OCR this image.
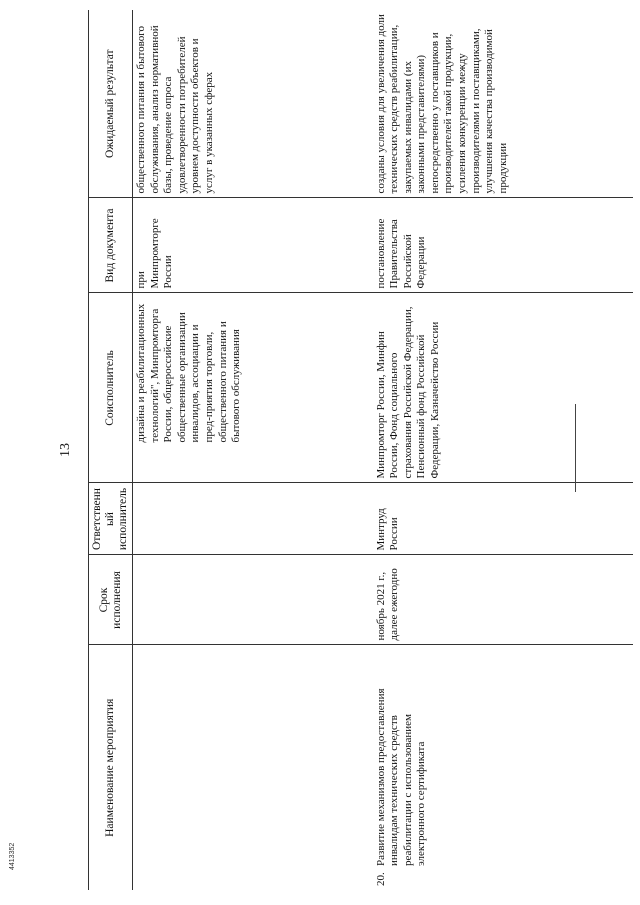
13
Наименование мероприятия	Срок исполнения	Ответственный исполнитель	Соисполнитель	Вид документа	Ожидаемый результат

			дизайна и реабилитационных технологий", Минпромторга России, общероссийские общественные организации инвалидов, ассоциации и пред-приятия торговли, общественного питания и бытового обслуживания	при Минпромторге России	общественного питания и бытового обслуживания, анализ нормативной базы, проведение опроса удовлетворенности потребителей уровнем доступности объектов и услуг в указанных сферах

20.Развитие механизмов предоставления инвалидам технических средств реабилитации с использованием электронного сертификата	ноябрь 2021 г., далее ежегодно	Минтруд России	Минпромторг России, Минфин России, Фонд социального страхования Российской Федерации, Пенсионный фонд Российской Федерации, Казначейство России	постановление Правительства Российской Федерации	созданы условия для увеличения доли технических средств реабилитации, закупаемых инвалидами (их законными представителями) непосредственно у поставщиков и производителей такой продукции, усиления конкуренции между производителями и поставщиками, улучшения качества производимой продукции
4413352
